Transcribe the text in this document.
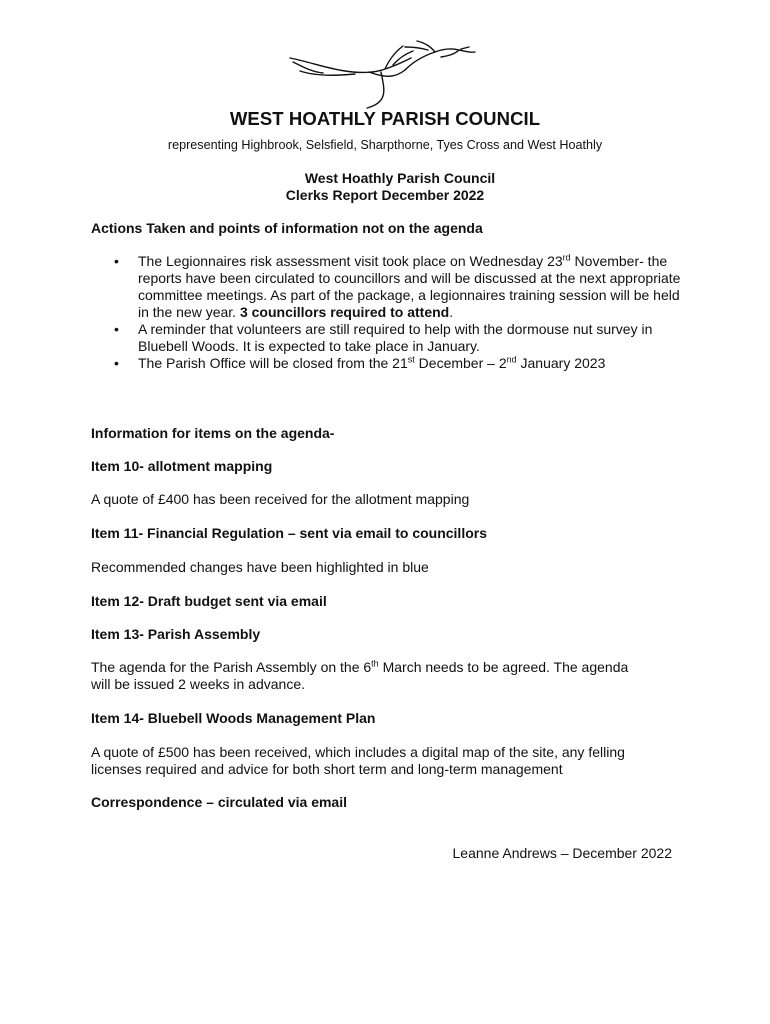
WEST HOATHLY PARISH COUNCIL
representing Highbrook, Selsfield, Sharpthorne, Tyes Cross and West Hoathly
West Hoathly Parish Council
Clerks Report December 2022
Actions Taken and points of information not on the agenda
• The Legionnaires risk assessment visit took place on Wednesday 23rd November- the reports have been circulated to councillors and will be discussed at the next appropriate committee meetings. As part of the package, a legionnaires training session will be held in the new year. 3 councillors required to attend.
• A reminder that volunteers are still required to help with the dormouse nut survey in Bluebell Woods. It is expected to take place in January.
• The Parish Office will be closed from the 21st December – 2nd January 2023
Information for items on the agenda-
Item 10- allotment mapping
A quote of £400 has been received for the allotment mapping
Item 11- Financial Regulation – sent via email to councillors
Recommended changes have been highlighted in blue
Item 12- Draft budget sent via email
Item 13- Parish Assembly
The agenda for the Parish Assembly on the 6th March needs to be agreed. The agenda will be issued 2 weeks in advance.
Item 14- Bluebell Woods Management Plan
A quote of £500 has been received, which includes a digital map of the site, any felling licenses required and advice for both short term and long-term management
Correspondence – circulated via email
Leanne Andrews – December 2022
